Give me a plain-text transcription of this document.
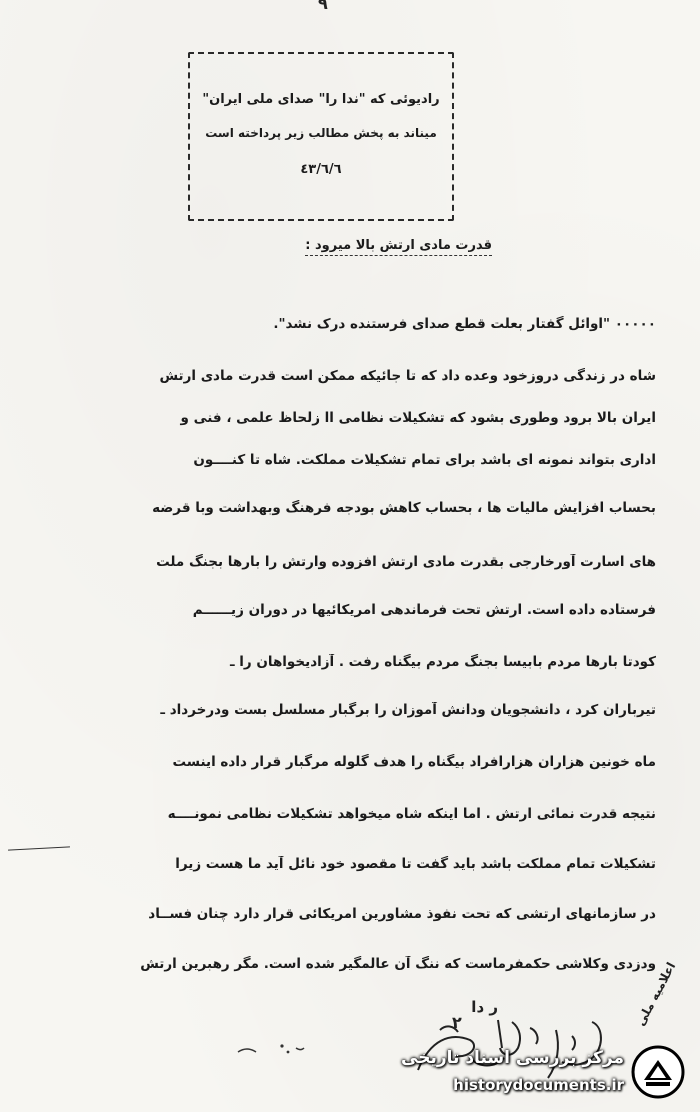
٩
رادیوئی که "ندا را" صدای ملی ایران"
میناند به پخش مطالب زیر پرداخته است
٤٣/٦/٦
قدرت مادی ارتش بالا میرود :
٠٠٠٠٠ "اوائل گفتار بعلت قطع صدای فرستنده درک نشد".
شاه در زندگی دروزخود وعده داد که تا جائیکه ممکن است قدرت مادی ارتش
ایران بالا برود وطوری بشود که تشکیلات نظامی اا زلحاظ علمی ، فنی و
اداری بتواند نمونه ای باشد برای تمام تشکیلات مملکت. شاه تا کنــــون
بحساب افزایش مالیات ها ، بحساب کاهش بودجه فرهنگ وبهداشت وبا قرضه
های اسارت آورخارجی بقدرت مادی ارتش افزوده وارتش را بارها بجنگ ملت
فرستاده داده است. ارتش تحت فرماندهی امریکائیها در دوران زیــــــم
کودتا بارها مردم بابیسا بجنگ مردم بیگناه رفت . آزادیخواهان را ـ
تیرباران کرد ، دانشجویان ودانش آموزان را برگبار مسلسل بست ودرخرداد ـ
ماه خونین هزاران هزارافراد بیگناه را هدف گلوله مرگبار قرار داده اینست
نتیجه قدرت نمائی ارتش . اما اینکه شاه میخواهد تشکیلات نظامی نمونــــه
تشکیلات تمام مملکت باشد باید گفت تا مقصود خود نائل آید ما هست زیرا
در سازمانهای ارتشی که تحت نفوذ مشاورین امریکائی قرار دارد چنان فســاد
ودزدی وکلاشی حکمفرماست که ننگ آن عالمگیر شده است. مگر رهبرین ارتش
اعلامیه ملی
٢
ر دا
مرکز بررسی اسناد تاریخی
historydocuments.ir
